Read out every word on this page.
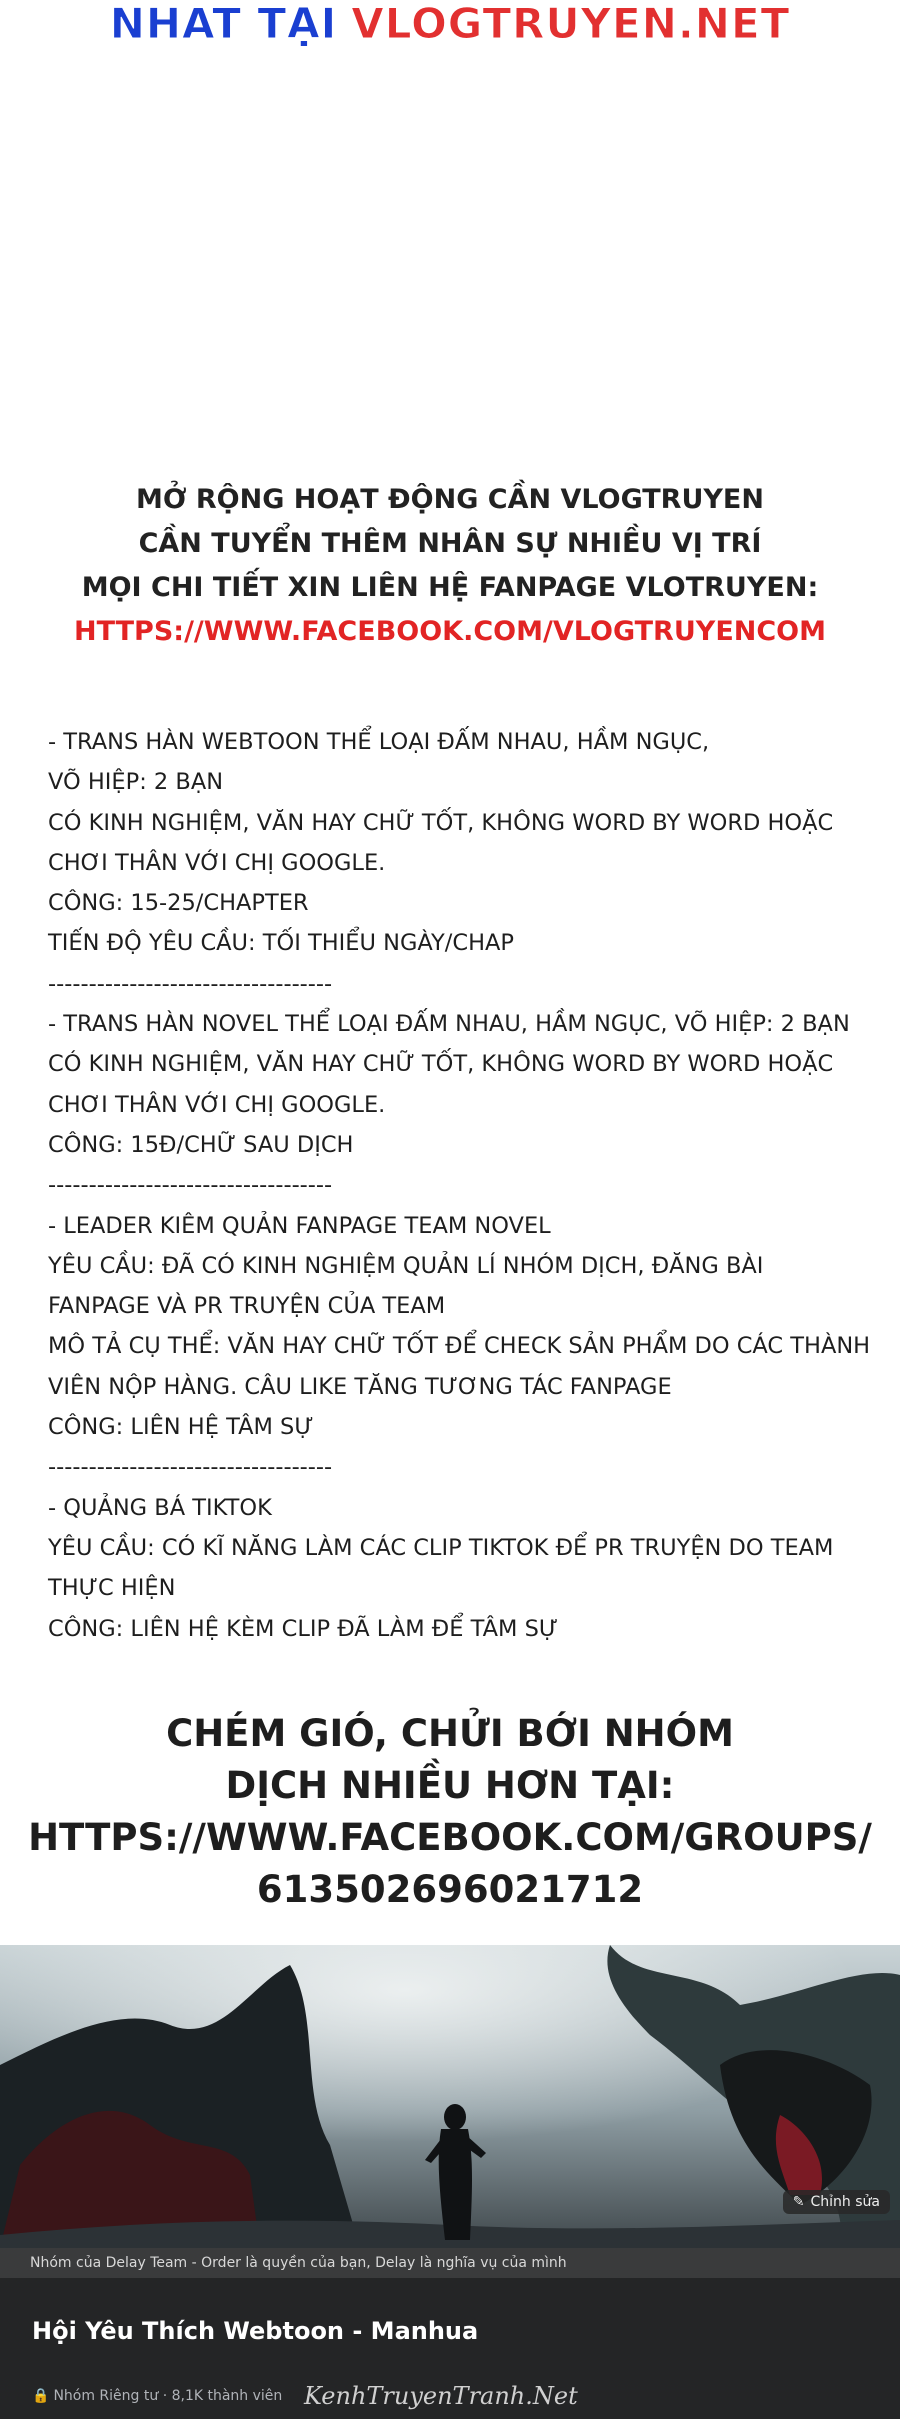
NHAT TẠI VLOGTRUYEN.NET
MỞ RỘNG HOẠT ĐỘNG CẦN VLOGTRUYEN
CẦN TUYỂN THÊM NHÂN SỰ NHIỀU VỊ TRÍ
MỌI CHI TIẾT XIN LIÊN HỆ FANPAGE VLOTRUYEN:
HTTPS://WWW.FACEBOOK.COM/VLOGTRUYENCOM
- TRANS HÀN WEBTOON THỂ LOẠI ĐẤM NHAU, HẦM NGỤC,
VÕ HIỆP: 2 BẠN
CÓ KINH NGHIỆM, VĂN HAY CHỮ TỐT, KHÔNG WORD BY WORD HOẶC
CHƠI THÂN VỚI CHỊ GOOGLE.
CÔNG: 15-25/CHAPTER
TIẾN ĐỘ YÊU CẦU: TỐI THIỂU NGÀY/CHAP
-----------------------------------
- TRANS HÀN NOVEL THỂ LOẠI ĐẤM NHAU, HẦM NGỤC, VÕ HIỆP: 2 BẠN
CÓ KINH NGHIỆM, VĂN HAY CHỮ TỐT, KHÔNG WORD BY WORD HOẶC
CHƠI THÂN VỚI CHỊ GOOGLE.
CÔNG: 15Đ/CHỮ SAU DỊCH
-----------------------------------
- LEADER KIÊM QUẢN FANPAGE TEAM NOVEL
YÊU CẦU: ĐÃ CÓ KINH NGHIỆM QUẢN LÍ NHÓM DỊCH, ĐĂNG BÀI
FANPAGE VÀ PR TRUYỆN CỦA TEAM
MÔ TẢ CỤ THỂ: VĂN HAY CHỮ TỐT ĐỂ CHECK SẢN PHẨM DO CÁC THÀNH
VIÊN NỘP HÀNG. CÂU LIKE TĂNG TƯƠNG TÁC FANPAGE
CÔNG: LIÊN HỆ TÂM SỰ
-----------------------------------
- QUẢNG BÁ TIKTOK
YÊU CẦU: CÓ KĨ NĂNG LÀM CÁC CLIP TIKTOK ĐỂ PR TRUYỆN DO TEAM
THỰC HIỆN
CÔNG: LIÊN HỆ KÈM CLIP ĐÃ LÀM ĐỂ TÂM SỰ
CHÉM GIÓ, CHỬI BỚI NHÓM
DỊCH NHIỀU HƠN TẠI:
HTTPS://WWW.FACEBOOK.COM/GROUPS/
613502696021712
✎ Chỉnh sửa
Nhóm của Delay Team - Order là quyền của bạn, Delay là nghĩa vụ của mình
Hội Yêu Thích Webtoon - Manhua
🔒 Nhóm Riêng tư · 8,1K thành viên KenhTruyenTranh.Net
